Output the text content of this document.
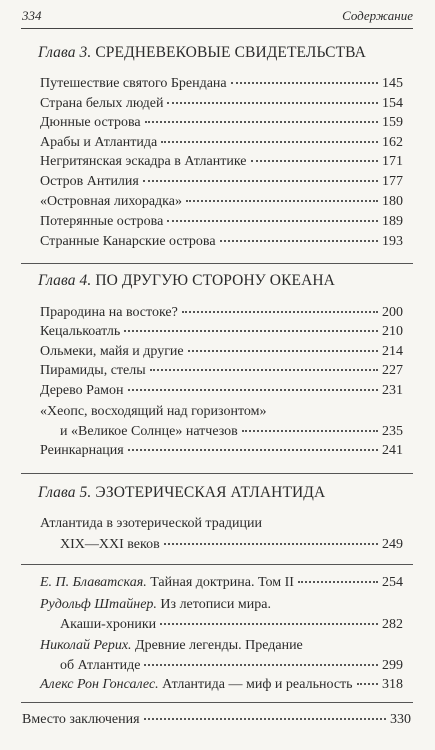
334	Содержание
Глава 3. СРЕДНЕВЕКОВЫЕ СВИДЕТЕЛЬСТВА
Путешествие святого Брендана	145
Страна белых людей	154
Дюнные острова	159
Арабы и Атлантида	162
Негритянская эскадра в Атлантике	171
Остров Антилия	177
«Островная лихорадка»	180
Потерянные острова	189
Странные Канарские острова	193
Глава 4. ПО ДРУГУЮ СТОРОНУ ОКЕАНА
Прародина на востоке?	200
Кецалькоатль	210
Ольмеки, майя и другие	214
Пирамиды, стелы	227
Дерево Рамон	231
«Хеопс, восходящий над горизонтом»
и «Великое Солнце» натчезов	235
Реинкарнация	241
Глава 5. ЭЗОТЕРИЧЕСКАЯ АТЛАНТИДА
Атлантида в эзотерической традиции
XIX—XXI веков	249
Е. П. Блаватская. Тайная доктрина. Том II	254
Рудольф Штайнер. Из летописи мира.
Акаши-хроники	282
Николай Рерих. Древние легенды. Предание
об Атлантиде	299
Алекс Рон Гонсалес. Атлантида — миф и реальность 318
Вместо заключения	330
